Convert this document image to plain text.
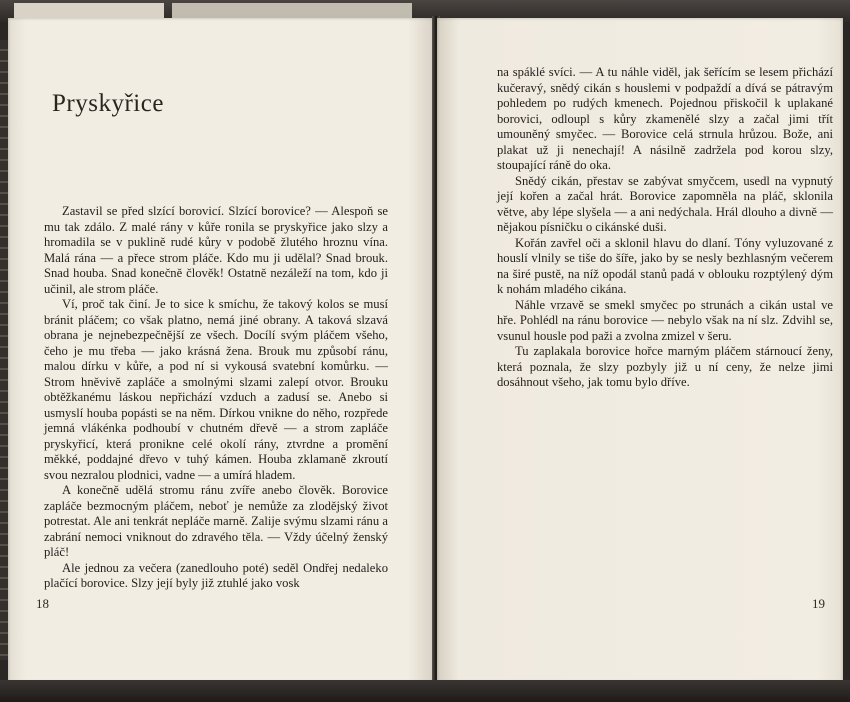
Pryskyřice

Zastavil se před slzící borovicí. Slzící borovice? — Alespoň se mu tak zdálo. Z malé rány v kůře ronila se pryskyřice jako slzy a hromadila se v puklině rudé kůry v podobě žlutého hroznu vína. Malá rána — a přece strom pláče. Kdo mu ji udělal? Snad brouk. Snad houba. Snad konečně člověk! Ostatně nezáleží na tom, kdo ji učinil, ale strom pláče.

Ví, proč tak činí. Je to sice k smíchu, že takový kolos se musí bránit pláčem; co však platno, nemá jiné obrany. A taková slzavá obrana je nejnebezpečnější ze všech. Docílí svým pláčem všeho, čeho je mu třeba — jako krásná žena. Brouk mu způsobí ránu, malou dírku v kůře, a pod ní si vykousá svatební komůrku. — Strom hněvivě zapláče a smolnými slzami zalepí otvor. Brouku obtěžkanému láskou nepřichází vzduch a zadusí se. Anebo si usmyslí houba popásti se na něm. Dírkou vnikne do něho, rozpřede jemná vlákénka podhoubí v chutném dřevě — a strom zapláče pryskyřicí, která pronikne celé okolí rány, ztvrdne a promění měkké, poddajné dřevo v tuhý kámen. Houba zklamaně zkroutí svou nezralou plodnici, vadne — a umírá hladem.

A konečně udělá stromu ránu zvíře anebo člověk. Borovice zapláče bezmocným pláčem, neboť je nemůže za zlodějský život potrestat. Ale ani tenkrát nepláče marně. Zalije svýmu slzami ránu a zabrání nemoci vniknout do zdravého těla. — Vždy účelný ženský pláč!

Ale jednou za večera (zanedlouho poté) seděl Ondřej nedaleko plačící borovice. Slzy její byly již ztuhlé jako vosk

18

na spáklé svíci. — A tu náhle viděl, jak šeřícím se lesem přichází kučeravý, snědý cikán s houslemi v podpaždí a dívá se pátravým pohledem po rudých kmenech. Pojednou přiskočil k uplakané borovici, odloupl s kůry zkamenělé slzy a začal jimi třít umouněný smyčec. — Borovice celá strnula hrůzou. Bože, ani plakat už ji nenechají! A násilně zadržela pod korou slzy, stoupající ráně do oka.

Snědý cikán, přestav se zabývat smyčcem, usedl na vypnutý její kořen a začal hrát. Borovice zapomněla na pláč, sklonila větve, aby lépe slyšela — a ani nedýchala. Hrál dlouho a divně — nějakou písničku o cikánské duši.

Kořán zavřel oči a sklonil hlavu do dlaní. Tóny vyluzované z houslí vlnily se tiše do šíře, jako by se nesly bezhlasným večerem na širé pustě, na níž opodál stanů padá v oblouku rozptýlený dým k nohám mladého cikána.

Náhle vrzavě se smekl smyčec po strunách a cikán ustal ve hře. Pohlédl na ránu borovice — nebylo však na ní slz. Zdvihl se, vsunul housle pod paži a zvolna zmizel v šeru.

Tu zaplakala borovice hořce marným pláčem stárnoucí ženy, která poznala, že slzy pozbyly již u ní ceny, že nelze jimi dosáhnout všeho, jak tomu bylo dříve.

19
